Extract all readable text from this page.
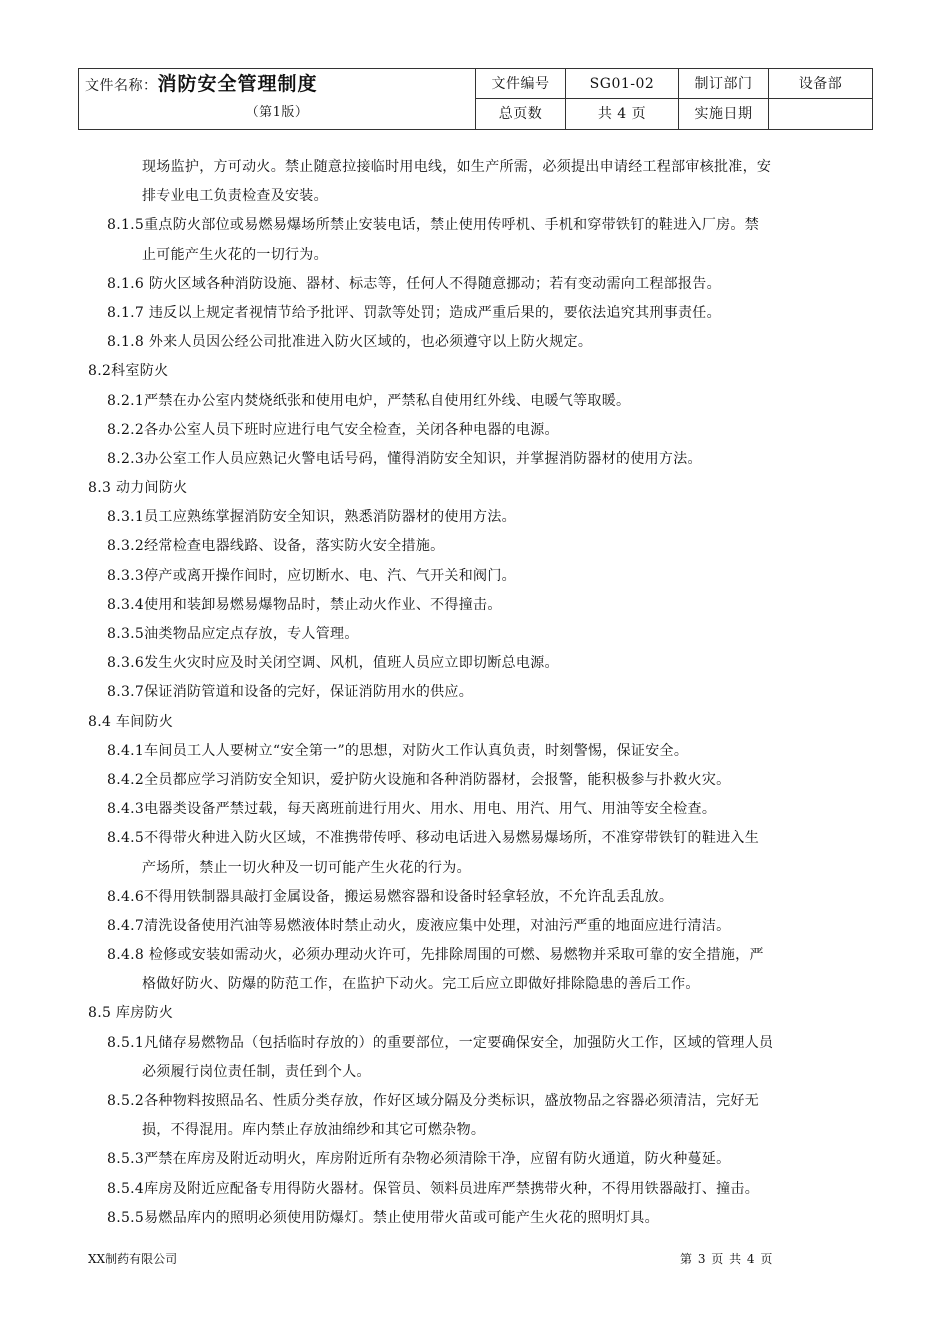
文件名称：消防安全管理制度
（第1版）	文件编号	SG01-02	制订部门	设备部
	总页数	共 4 页	实施日期	
现场监护，方可动火。禁止随意拉接临时用电线，如生产所需，必须提出申请经工程部审核批准，安
排专业电工负责检查及安装。
8.1.5重点防火部位或易燃易爆场所禁止安装电话，禁止使用传呼机、手机和穿带铁钉的鞋进入厂房。禁
止可能产生火花的一切行为。
8.1.6 防火区域各种消防设施、器材、标志等，任何人不得随意挪动；若有变动需向工程部报告。
8.1.7 违反以上规定者视情节给予批评、罚款等处罚；造成严重后果的，要依法追究其刑事责任。
8.1.8 外来人员因公经公司批准进入防火区域的，也必须遵守以上防火规定。
8.2科室防火
8.2.1严禁在办公室内焚烧纸张和使用电炉，严禁私自使用红外线、电暖气等取暖。
8.2.2各办公室人员下班时应进行电气安全检查，关闭各种电器的电源。
8.2.3办公室工作人员应熟记火警电话号码，懂得消防安全知识，并掌握消防器材的使用方法。
8.3 动力间防火
8.3.1员工应熟练掌握消防安全知识，熟悉消防器材的使用方法。
8.3.2经常检查电器线路、设备，落实防火安全措施。
8.3.3停产或离开操作间时，应切断水、电、汽、气开关和阀门。
8.3.4使用和装卸易燃易爆物品时，禁止动火作业、不得撞击。
8.3.5油类物品应定点存放，专人管理。
8.3.6发生火灾时应及时关闭空调、风机，值班人员应立即切断总电源。
8.3.7保证消防管道和设备的完好，保证消防用水的供应。
8.4 车间防火
8.4.1车间员工人人要树立“安全第一”的思想，对防火工作认真负责，时刻警惕，保证安全。
8.4.2全员都应学习消防安全知识，爱护防火设施和各种消防器材，会报警，能积极参与扑救火灾。
8.4.3电器类设备严禁过载，每天离班前进行用火、用水、用电、用汽、用气、用油等安全检查。
8.4.5不得带火种进入防火区域，不准携带传呼、移动电话进入易燃易爆场所，不准穿带铁钉的鞋进入生
产场所，禁止一切火种及一切可能产生火花的行为。
8.4.6不得用铁制器具敲打金属设备，搬运易燃容器和设备时轻拿轻放，不允许乱丢乱放。
8.4.7清洗设备使用汽油等易燃液体时禁止动火，废液应集中处理，对油污严重的地面应进行清洁。
8.4.8 检修或安装如需动火，必须办理动火许可，先排除周围的可燃、易燃物并采取可靠的安全措施，严
格做好防火、防爆的防范工作，在监护下动火。完工后应立即做好排除隐患的善后工作。
8.5 库房防火
8.5.1凡储存易燃物品（包括临时存放的）的重要部位，一定要确保安全，加强防火工作，区域的管理人员
必须履行岗位责任制，责任到个人。
8.5.2各种物料按照品名、性质分类存放，作好区域分隔及分类标识，盛放物品之容器必须清洁，完好无
损，不得混用。库内禁止存放油绵纱和其它可燃杂物。
8.5.3严禁在库房及附近动明火，库房附近所有杂物必须清除干净，应留有防火通道，防火种蔓延。
8.5.4库房及附近应配备专用得防火器材。保管员、领料员进库严禁携带火种，不得用铁器敲打、撞击。
8.5.5易燃品库内的照明必须使用防爆灯。禁止使用带火苗或可能产生火花的照明灯具。
XX制药有限公司	第 3 页 共 4 页
